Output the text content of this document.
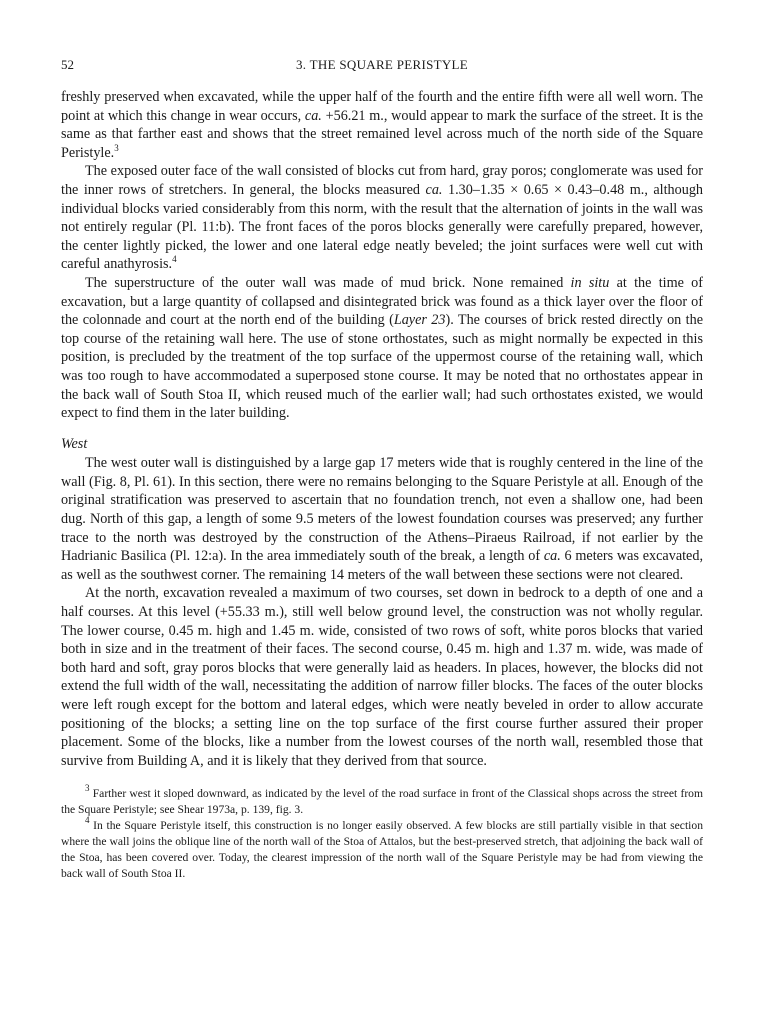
52	3. THE SQUARE PERISTYLE

freshly preserved when excavated, while the upper half of the fourth and the entire fifth were all well worn. The point at which this change in wear occurs, ca. +56.21 m., would appear to mark the surface of the street. It is the same as that farther east and shows that the street remained level across much of the north side of the Square Peristyle.$^3$

The exposed outer face of the wall consisted of blocks cut from hard, gray poros; conglomerate was used for the inner rows of stretchers. In general, the blocks measured ca. 1.30–1.35 × 0.65 × 0.43–0.48 m., although individual blocks varied considerably from this norm, with the result that the alternation of joints in the wall was not entirely regular (Pl. 11:b). The front faces of the poros blocks generally were carefully prepared, however, the center lightly picked, the lower and one lateral edge neatly beveled; the joint surfaces were well cut with careful anathyrosis.$^4$

The superstructure of the outer wall was made of mud brick. None remained in situ at the time of excavation, but a large quantity of collapsed and disintegrated brick was found as a thick layer over the floor of the colonnade and court at the north end of the building (Layer 23). The courses of brick rested directly on the top course of the retaining wall here. The use of stone orthostates, such as might normally be expected in this position, is precluded by the treatment of the top surface of the uppermost course of the retaining wall, which was too rough to have accommodated a superposed stone course. It may be noted that no orthostates appear in the back wall of South Stoa II, which reused much of the earlier wall; had such orthostates existed, we would expect to find them in the later building.

West

The west outer wall is distinguished by a large gap 17 meters wide that is roughly centered in the line of the wall (Fig. 8, Pl. 61). In this section, there were no remains belonging to the Square Peristyle at all. Enough of the original stratification was preserved to ascertain that no foundation trench, not even a shallow one, had been dug. North of this gap, a length of some 9.5 meters of the lowest foundation courses was preserved; any further trace to the north was destroyed by the construction of the Athens–Piraeus Railroad, if not earlier by the Hadrianic Basilica (Pl. 12:a). In the area immediately south of the break, a length of ca. 6 meters was excavated, as well as the southwest corner. The remaining 14 meters of the wall between these sections were not cleared.

At the north, excavation revealed a maximum of two courses, set down in bedrock to a depth of one and a half courses. At this level (+55.33 m.), still well below ground level, the construction was not wholly regular. The lower course, 0.45 m. high and 1.45 m. wide, consisted of two rows of soft, white poros blocks that varied both in size and in the treatment of their faces. The second course, 0.45 m. high and 1.37 m. wide, was made of both hard and soft, gray poros blocks that were generally laid as headers. In places, however, the blocks did not extend the full width of the wall, necessitating the addition of narrow filler blocks. The faces of the outer blocks were left rough except for the bottom and lateral edges, which were neatly beveled in order to allow accurate positioning of the blocks; a setting line on the top surface of the first course further assured their proper placement. Some of the blocks, like a number from the lowest courses of the north wall, resembled those that survive from Building A, and it is likely that they derived from that source.

$^3$ Farther west it sloped downward, as indicated by the level of the road surface in front of the Classical shops across the street from the Square Peristyle; see Shear 1973a, p. 139, fig. 3.

$^4$ In the Square Peristyle itself, this construction is no longer easily observed. A few blocks are still partially visible in that section where the wall joins the oblique line of the north wall of the Stoa of Attalos, but the best-preserved stretch, that adjoining the back wall of the Stoa, has been covered over. Today, the clearest impression of the north wall of the Square Peristyle may be had from viewing the back wall of South Stoa II.
